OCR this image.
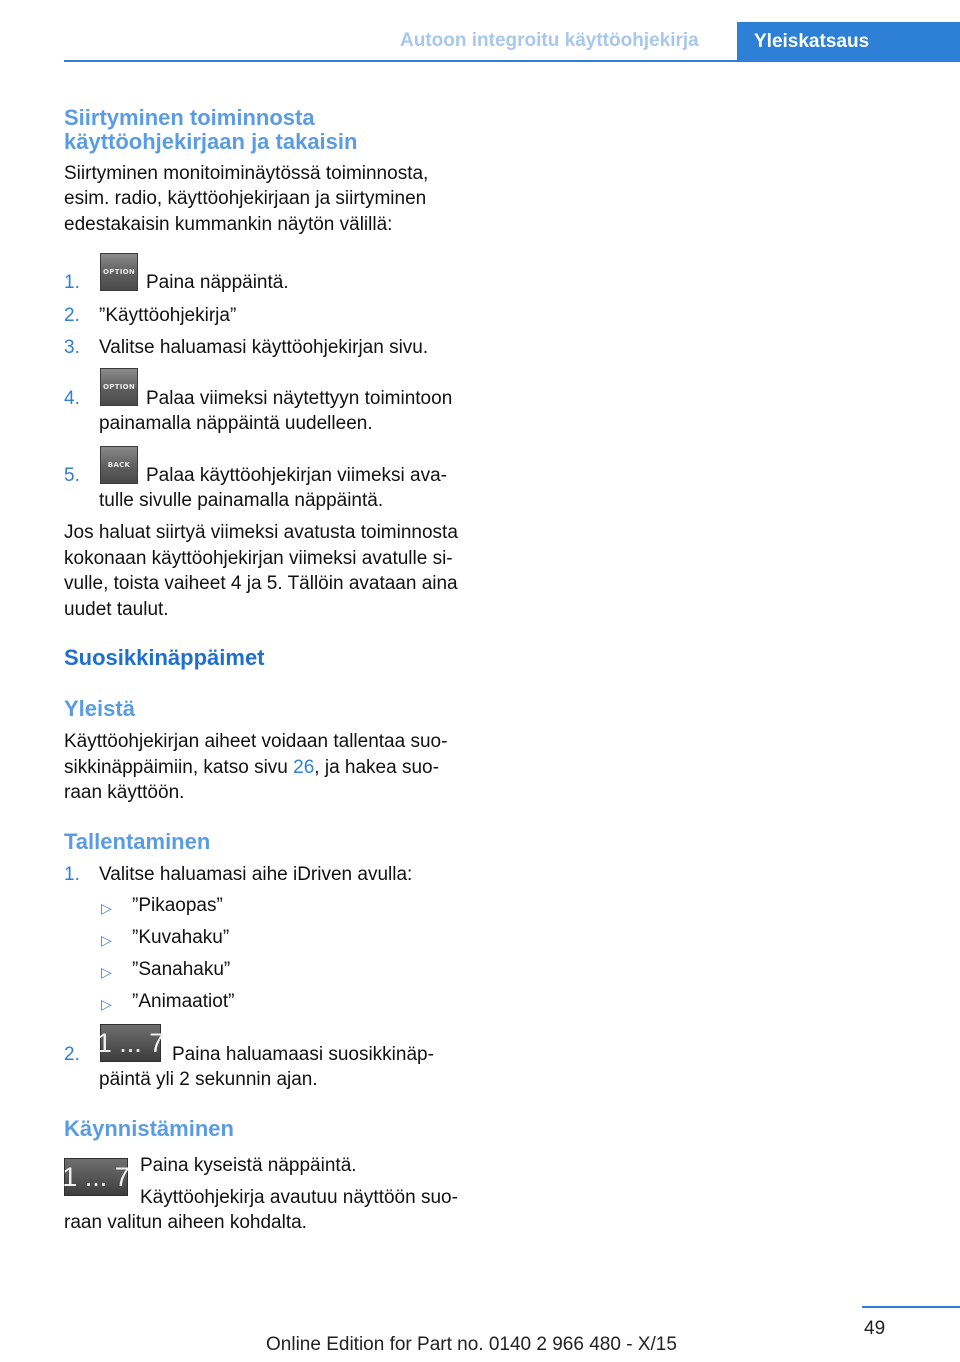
Autoon integroitu käyttöohjekirja	Yleiskatsaus
Siirtyminen toiminnosta
käyttöohjekirjaan ja takaisin
Siirtyminen monitoiminäytössä toiminnosta,
esim. radio, käyttöohjekirjaan ja siirtyminen
edestakaisin kummankin näytön välillä:
1.	OPTION Paina näppäintä.
2. ”Käyttöohjekirja”
3. Valitse haluamasi käyttöohjekirjan sivu.
4.
OPTION
Palaa viimeksi näytettyyn toimintoon
painamalla näppäintä uudelleen.
5.	BACK Palaa käyttöohjekirjan viimeksi ava-
tulle sivulle painamalla näppäintä.
Jos haluat siirtyä viimeksi avatusta toiminnosta
kokonaan käyttöohjekirjan viimeksi avatulle si-
vulle, toista vaiheet 4 ja 5. Tällöin avataan aina
uudet taulut.
Suosikkinäppäimet
Yleistä
Käyttöohjekirjan aiheet voidaan tallentaa suo-
sikkinäppäimiin, katso sivu 26, ja hakea suo-
raan käyttöön.
Tallentaminen
1. Valitse haluamasi aihe iDriven avulla:
▷ ”Pikaopas”
▷ ”Kuvahaku”
▷ ”Sanahaku”
▷ ”Animaatiot”
2. 1 ... 7 Paina haluamaasi suosikkinäp-
päintä yli 2 sekunnin ajan.
Käynnistäminen
1 ... 7 Paina kyseistä näppäintä.
Käyttöohjekirja avautuu näyttöön suo-
raan valitun aiheen kohdalta.
49
Online Edition for Part no. 0140 2 966 480 - X/15
